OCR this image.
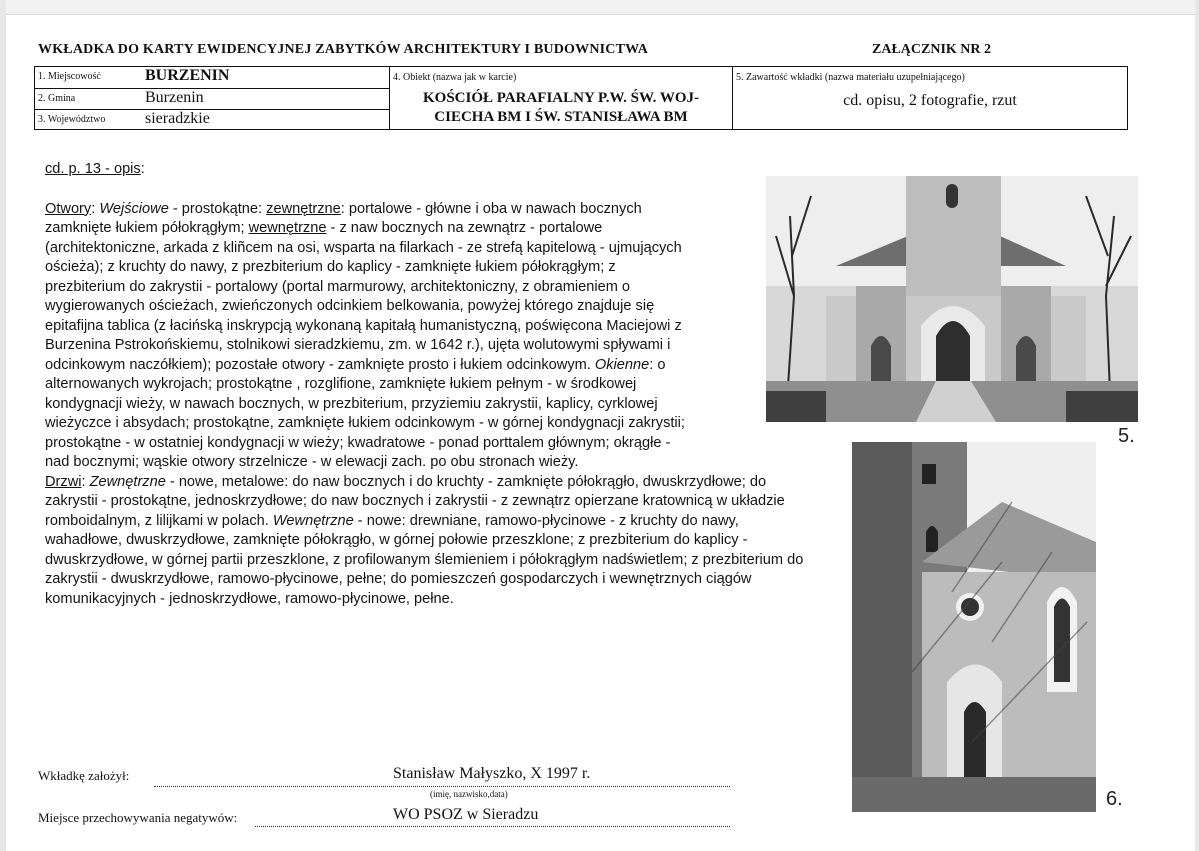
WKŁADKA DO KARTY EWIDENCYJNEJ ZABYTKÓW ARCHITEKTURY I BUDOWNICTWA	ZAŁĄCZNIK NR 2
1. Miejscowość	BURZENIN
2. Gmina	Burzenin
3. Województwo sieradzkie
4. Obiekt (nazwa jak w karcie)
KOŚCIÓŁ PARAFIALNY P.W. ŚW. WOJ-
CIECHA BM I ŚW. STANISŁAWA BM
5. Zawartość wkładki (nazwa materiału uzupełniającego)
cd. opisu, 2 fotografie, rzut

cd. p. 13 - opis:

Otwory: Wejściowe - prostokątne: zewnętrzne: portalowe - główne i oba w nawach bocznych zamknięte łukiem półokrągłym; wewnętrzne - z naw bocznych na zewnątrz - portalowe (architektoniczne, arkada z kliñcem na osi, wsparta na filarkach - ze strefą kapitelową - ujmujących ościeża); z kruchty do nawy, z prezbiterium do kaplicy - zamknięte łukiem półokrągłym; z prezbiterium do zakrystii - portalowy (portal marmurowy, architektoniczny, z obramieniem o wygierowanych ościeżach, zwieńczonych odcinkiem belkowania, powyżej którego znajduje się epitafijna tablica (z łacińską inskrypcją wykonaną kapitałą humanistyczną, poświęcona Maciejowi z Burzenina Pstrokońskiemu, stolnikowi sieradzkiemu, zm. w 1642 r.), ujęta wolutowymi spływami i odcinkowym naczółkiem); pozostałe otwory - zamknięte prosto i łukiem odcinkowym. Okienne: o alternowanych wykrojach; prostokątne , rozglifione, zamknięte łukiem pełnym - w środkowej kondygnacji wieży, w nawach bocznych, w prezbiterium, przyziemiu zakrystii, kaplicy, cyrklowej wieżyczce i absydach; prostokątne, zamknięte łukiem odcinkowym - w górnej kondygnacji zakrystii; prostokątne - w ostatniej kondygnacji w wieży; kwadratowe - ponad porttalem głównym; okrągłe - nad bocznymi; wąskie otwory strzelnicze - w elewacji zach. po obu stronach wieży.

Drzwi: Zewnętrzne - nowe, metalowe: do naw bocznych i do kruchty - zamknięte półokrągło, dwuskrzydłowe; do zakrystii - prostokątne, jednoskrzydłowe; do naw bocznych i zakrystii - z zewnątrz opierzane kratownicą w układzie romboidalnym, z lilijkami w polach. Wewnętrzne - nowe: drewniane, ramowo-płycinowe - z kruchty do nawy, wahadłowe, dwuskrzydłowe, zamknięte półokrągło, w górnej połowie przeszklone; z prezbiterium do kaplicy - dwuskrzydłowe, w górnej partii przeszklone, z profilowanym ślemieniem i półokrągłym nadświetlem; z prezbiterium do zakrystii - dwuskrzydłowe, ramowo-płycinowe, pełne; do pomieszczeń gospodarczych i wewnętrznych ciągów komunikacyjnych - jednoskrzydłowe, ramowo-płycinowe, pełne.

5.
6.
Wkładkę założył:	Stanisław Małyszko, X 1997 r.
(imię, nazwisko,data)
Miejsce przechowywania negatywów:	WO PSOZ w Sieradzu
